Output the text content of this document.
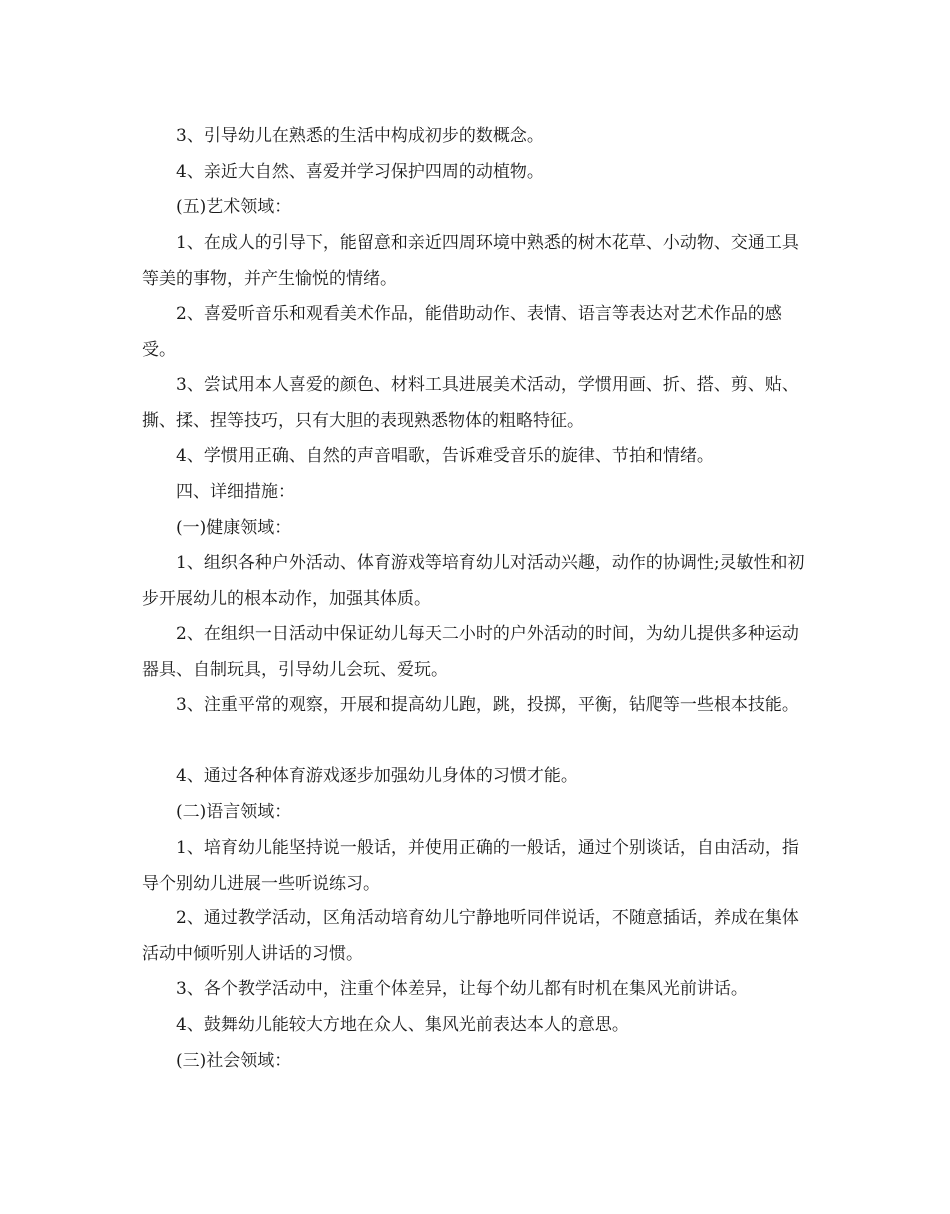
3、引导幼儿在熟悉的生活中构成初步的数概念。

4、亲近大自然、喜爱并学习保护四周的动植物。

(五)艺术领域：

1、在成人的引导下，能留意和亲近四周环境中熟悉的树木花草、小动物、交通工具等美的事物，并产生愉悦的情绪。

2、喜爱听音乐和观看美术作品，能借助动作、表情、语言等表达对艺术作品的感受。

3、尝试用本人喜爱的颜色、材料工具进展美术活动，学惯用画、折、搭、剪、贴、撕、揉、捏等技巧，只有大胆的表现熟悉物体的粗略特征。

4、学惯用正确、自然的声音唱歌，告诉难受音乐的旋律、节拍和情绪。

四、详细措施：

(一)健康领域：

1、组织各种户外活动、体育游戏等培育幼儿对活动兴趣，动作的协调性;灵敏性和初步开展幼儿的根本动作，加强其体质。

2、在组织一日活动中保证幼儿每天二小时的户外活动的时间，为幼儿提供多种运动器具、自制玩具，引导幼儿会玩、爱玩。

3、注重平常的观察，开展和提高幼儿跑，跳，投掷，平衡，钻爬等一些根本技能。

4、通过各种体育游戏逐步加强幼儿身体的习惯才能。

(二)语言领域：

1、培育幼儿能坚持说一般话，并使用正确的一般话，通过个别谈话，自由活动，指导个别幼儿进展一些听说练习。

2、通过教学活动，区角活动培育幼儿宁静地听同伴说话，不随意插话，养成在集体活动中倾听别人讲话的习惯。

3、各个教学活动中，注重个体差异，让每个幼儿都有时机在集风光前讲话。

4、鼓舞幼儿能较大方地在众人、集风光前表达本人的意思。

(三)社会领域：
